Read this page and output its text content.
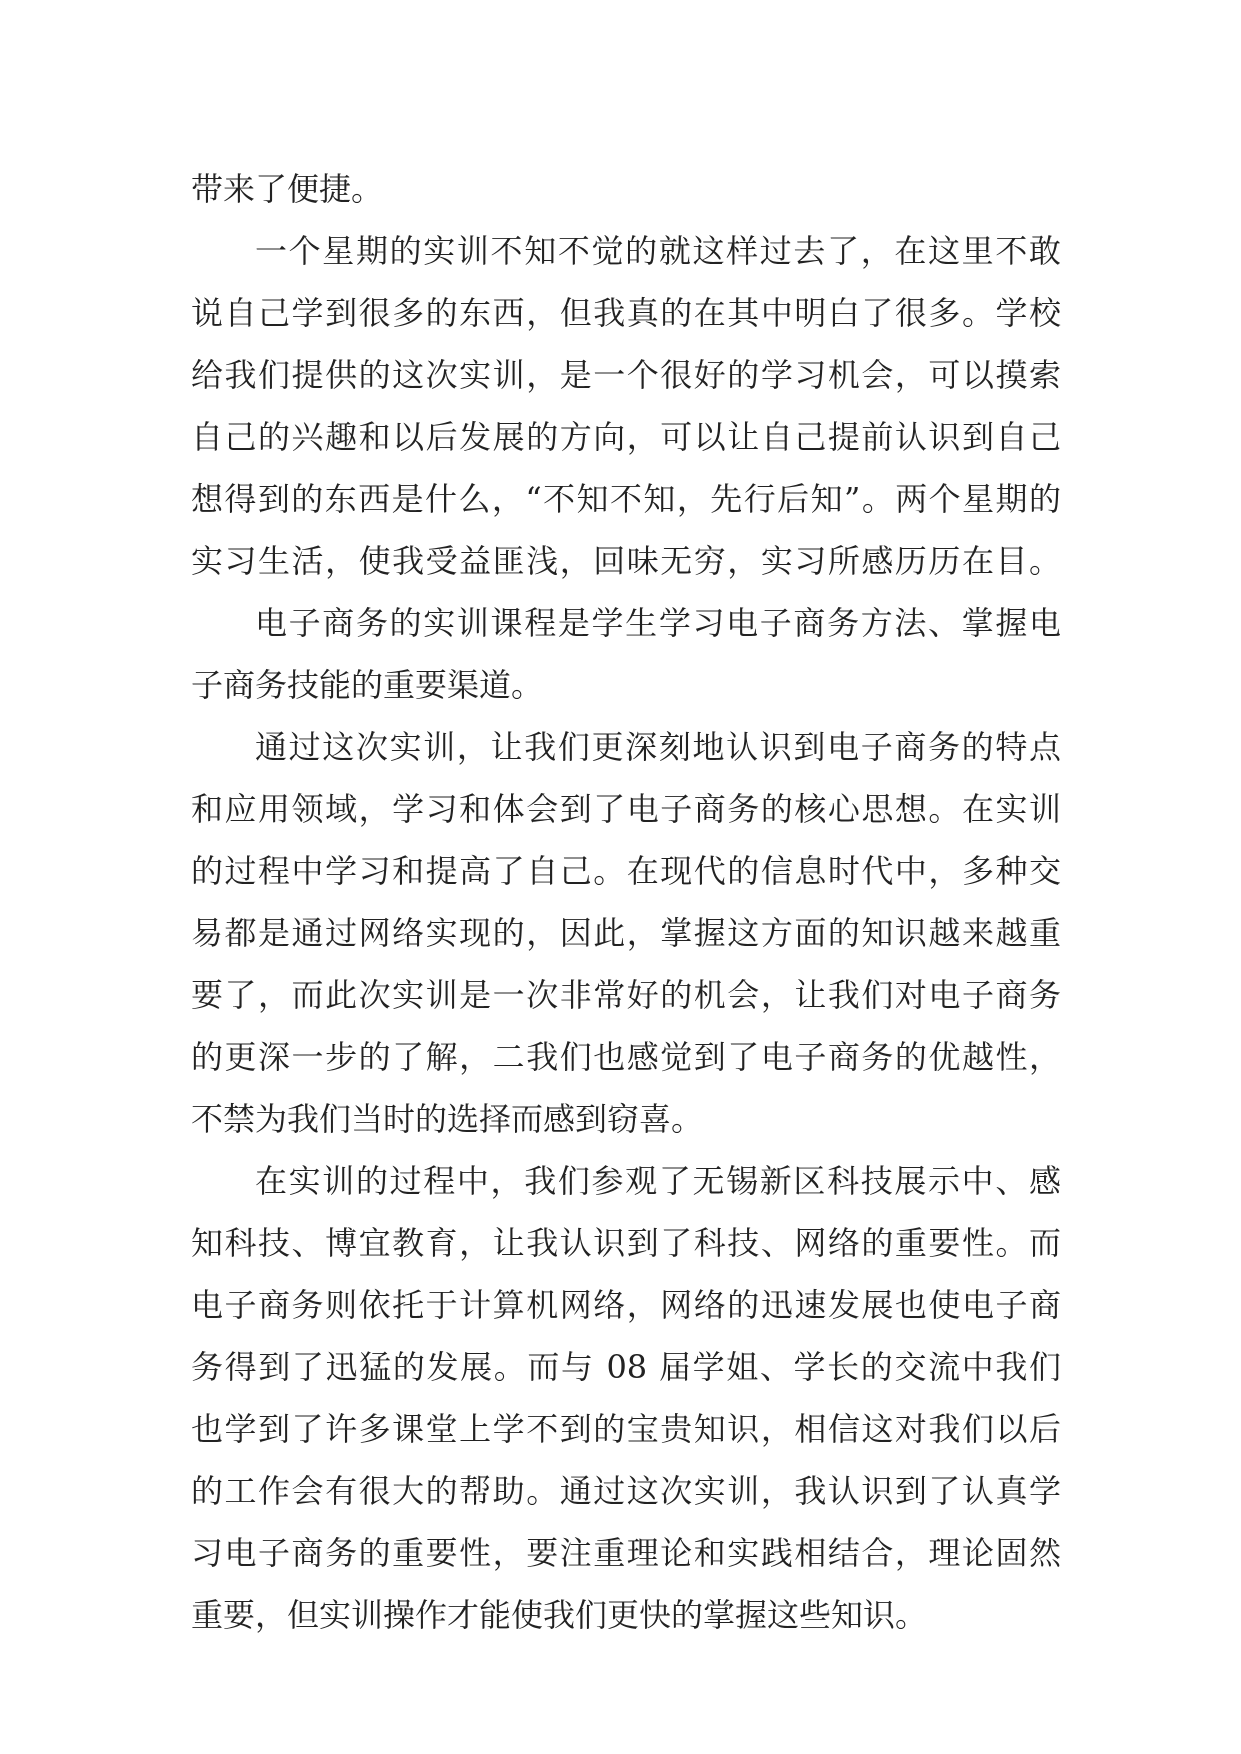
带来了便捷。
一个星期的实训不知不觉的就这样过去了，在这里不敢
说自己学到很多的东西，但我真的在其中明白了很多。学校
给我们提供的这次实训，是一个很好的学习机会，可以摸索
自己的兴趣和以后发展的方向，可以让自己提前认识到自己
想得到的东西是什么，“不知不知，先行后知”。两个星期的
实习生活，使我受益匪浅，回味无穷，实习所感历历在目。
电子商务的实训课程是学生学习电子商务方法、掌握电
子商务技能的重要渠道。
通过这次实训，让我们更深刻地认识到电子商务的特点
和应用领域，学习和体会到了电子商务的核心思想。在实训
的过程中学习和提高了自己。在现代的信息时代中，多种交
易都是通过网络实现的，因此，掌握这方面的知识越来越重
要了，而此次实训是一次非常好的机会，让我们对电子商务
的更深一步的了解，二我们也感觉到了电子商务的优越性，
不禁为我们当时的选择而感到窃喜。
在实训的过程中，我们参观了无锡新区科技展示中、感
知科技、博宜教育，让我认识到了科技、网络的重要性。而
电子商务则依托于计算机网络，网络的迅速发展也使电子商
务得到了迅猛的发展。而与 08 届学姐、学长的交流中我们
也学到了许多课堂上学不到的宝贵知识，相信这对我们以后
的工作会有很大的帮助。通过这次实训，我认识到了认真学
习电子商务的重要性，要注重理论和实践相结合，理论固然
重要，但实训操作才能使我们更快的掌握这些知识。
